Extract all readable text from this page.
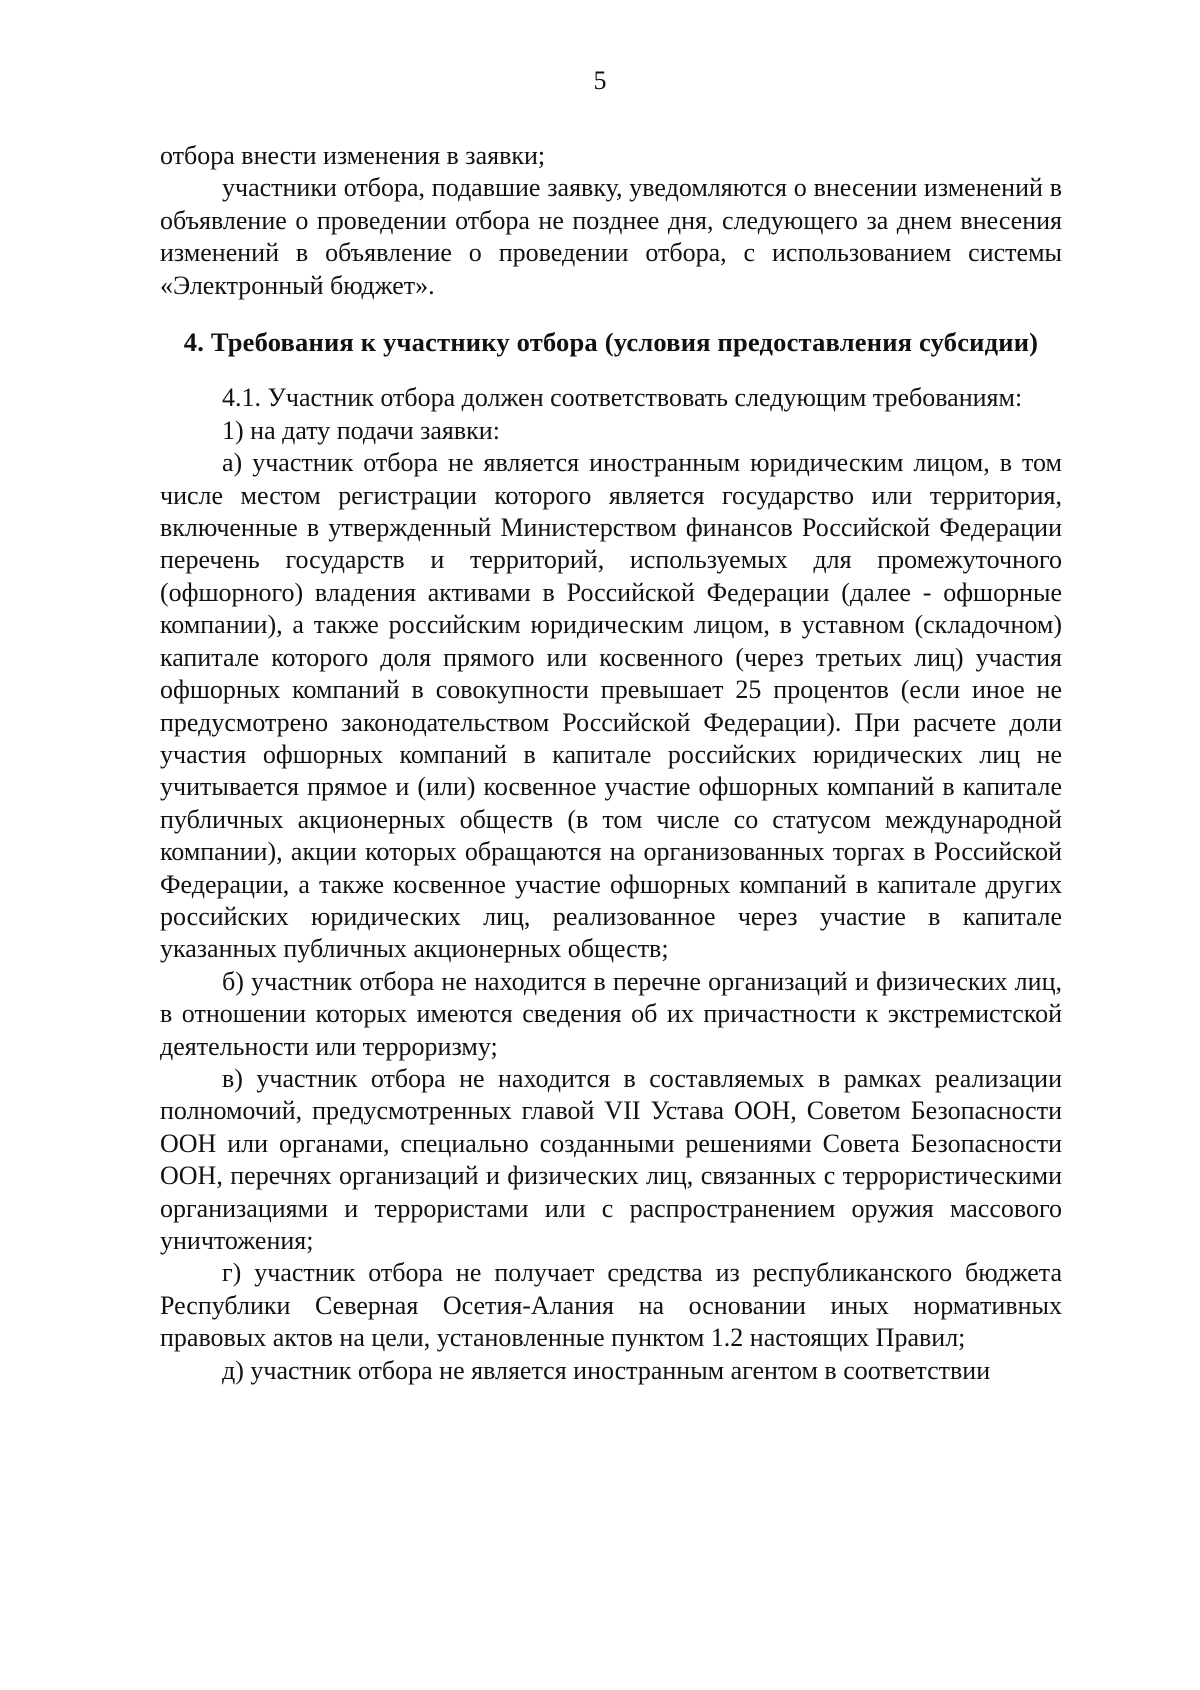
5

отбора внести изменения в заявки;

участники отбора, подавшие заявку, уведомляются о внесении изменений в объявление о проведении отбора не позднее дня, следующего за днем внесения изменений в объявление о проведении отбора, с использованием системы «Электронный бюджет».

4. Требования к участнику отбора (условия предоставления субсидии)

4.1. Участник отбора должен соответствовать следующим требованиям:

1) на дату подачи заявки:

а) участник отбора не является иностранным юридическим лицом, в том числе местом регистрации которого является государство или территория, включенные в утвержденный Министерством финансов Российской Федерации перечень государств и территорий, используемых для промежуточного (офшорного) владения активами в Российской Федерации (далее - офшорные компании), а также российским юридическим лицом, в уставном (складочном) капитале которого доля прямого или косвенного (через третьих лиц) участия офшорных компаний в совокупности превышает 25 процентов (если иное не предусмотрено законодательством Российской Федерации). При расчете доли участия офшорных компаний в капитале российских юридических лиц не учитывается прямое и (или) косвенное участие офшорных компаний в капитале публичных акционерных обществ (в том числе со статусом международной компании), акции которых обращаются на организованных торгах в Российской Федерации, а также косвенное участие офшорных компаний в капитале других российских юридических лиц, реализованное через участие в капитале указанных публичных акционерных обществ;

б) участник отбора не находится в перечне организаций и физических лиц, в отношении которых имеются сведения об их причастности к экстремистской деятельности или терроризму;

в) участник отбора не находится в составляемых в рамках реализации полномочий, предусмотренных главой VII Устава ООН, Советом Безопасности ООН или органами, специально созданными решениями Совета Безопасности ООН, перечнях организаций и физических лиц, связанных с террористическими организациями и террористами или с распространением оружия массового уничтожения;

г) участник отбора не получает средства из республиканского бюджета Республики Северная Осетия-Алания на основании иных нормативных правовых актов на цели, установленные пунктом 1.2 настоящих Правил;

д) участник отбора не является иностранным агентом в соответствии
